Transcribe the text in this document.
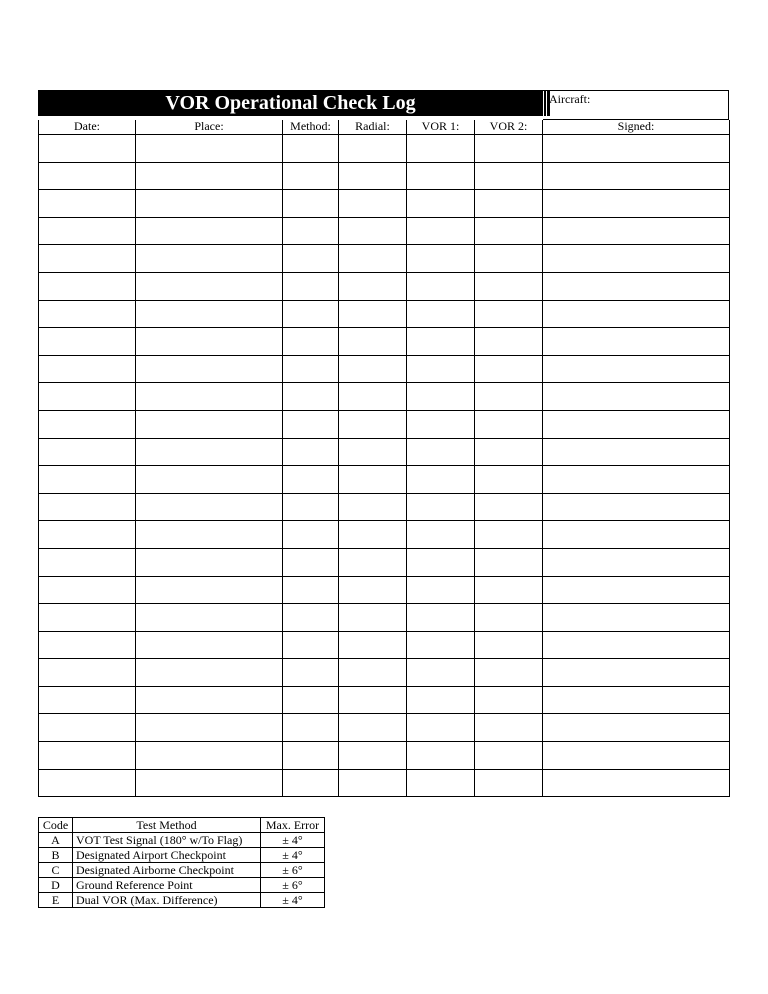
VOR Operational Check Log	Aircraft:
Date:	Place:	Method:	Radial:	VOR 1:	VOR 2:	Signed:

Code	Test Method	Max. Error
A	VOT Test Signal (180° w/To Flag)	± 4°
B	Designated Airport Checkpoint	± 4°
C	Designated Airborne Checkpoint	± 6°
D	Ground Reference Point	± 6°
E	Dual VOR (Max. Difference)	± 4°
